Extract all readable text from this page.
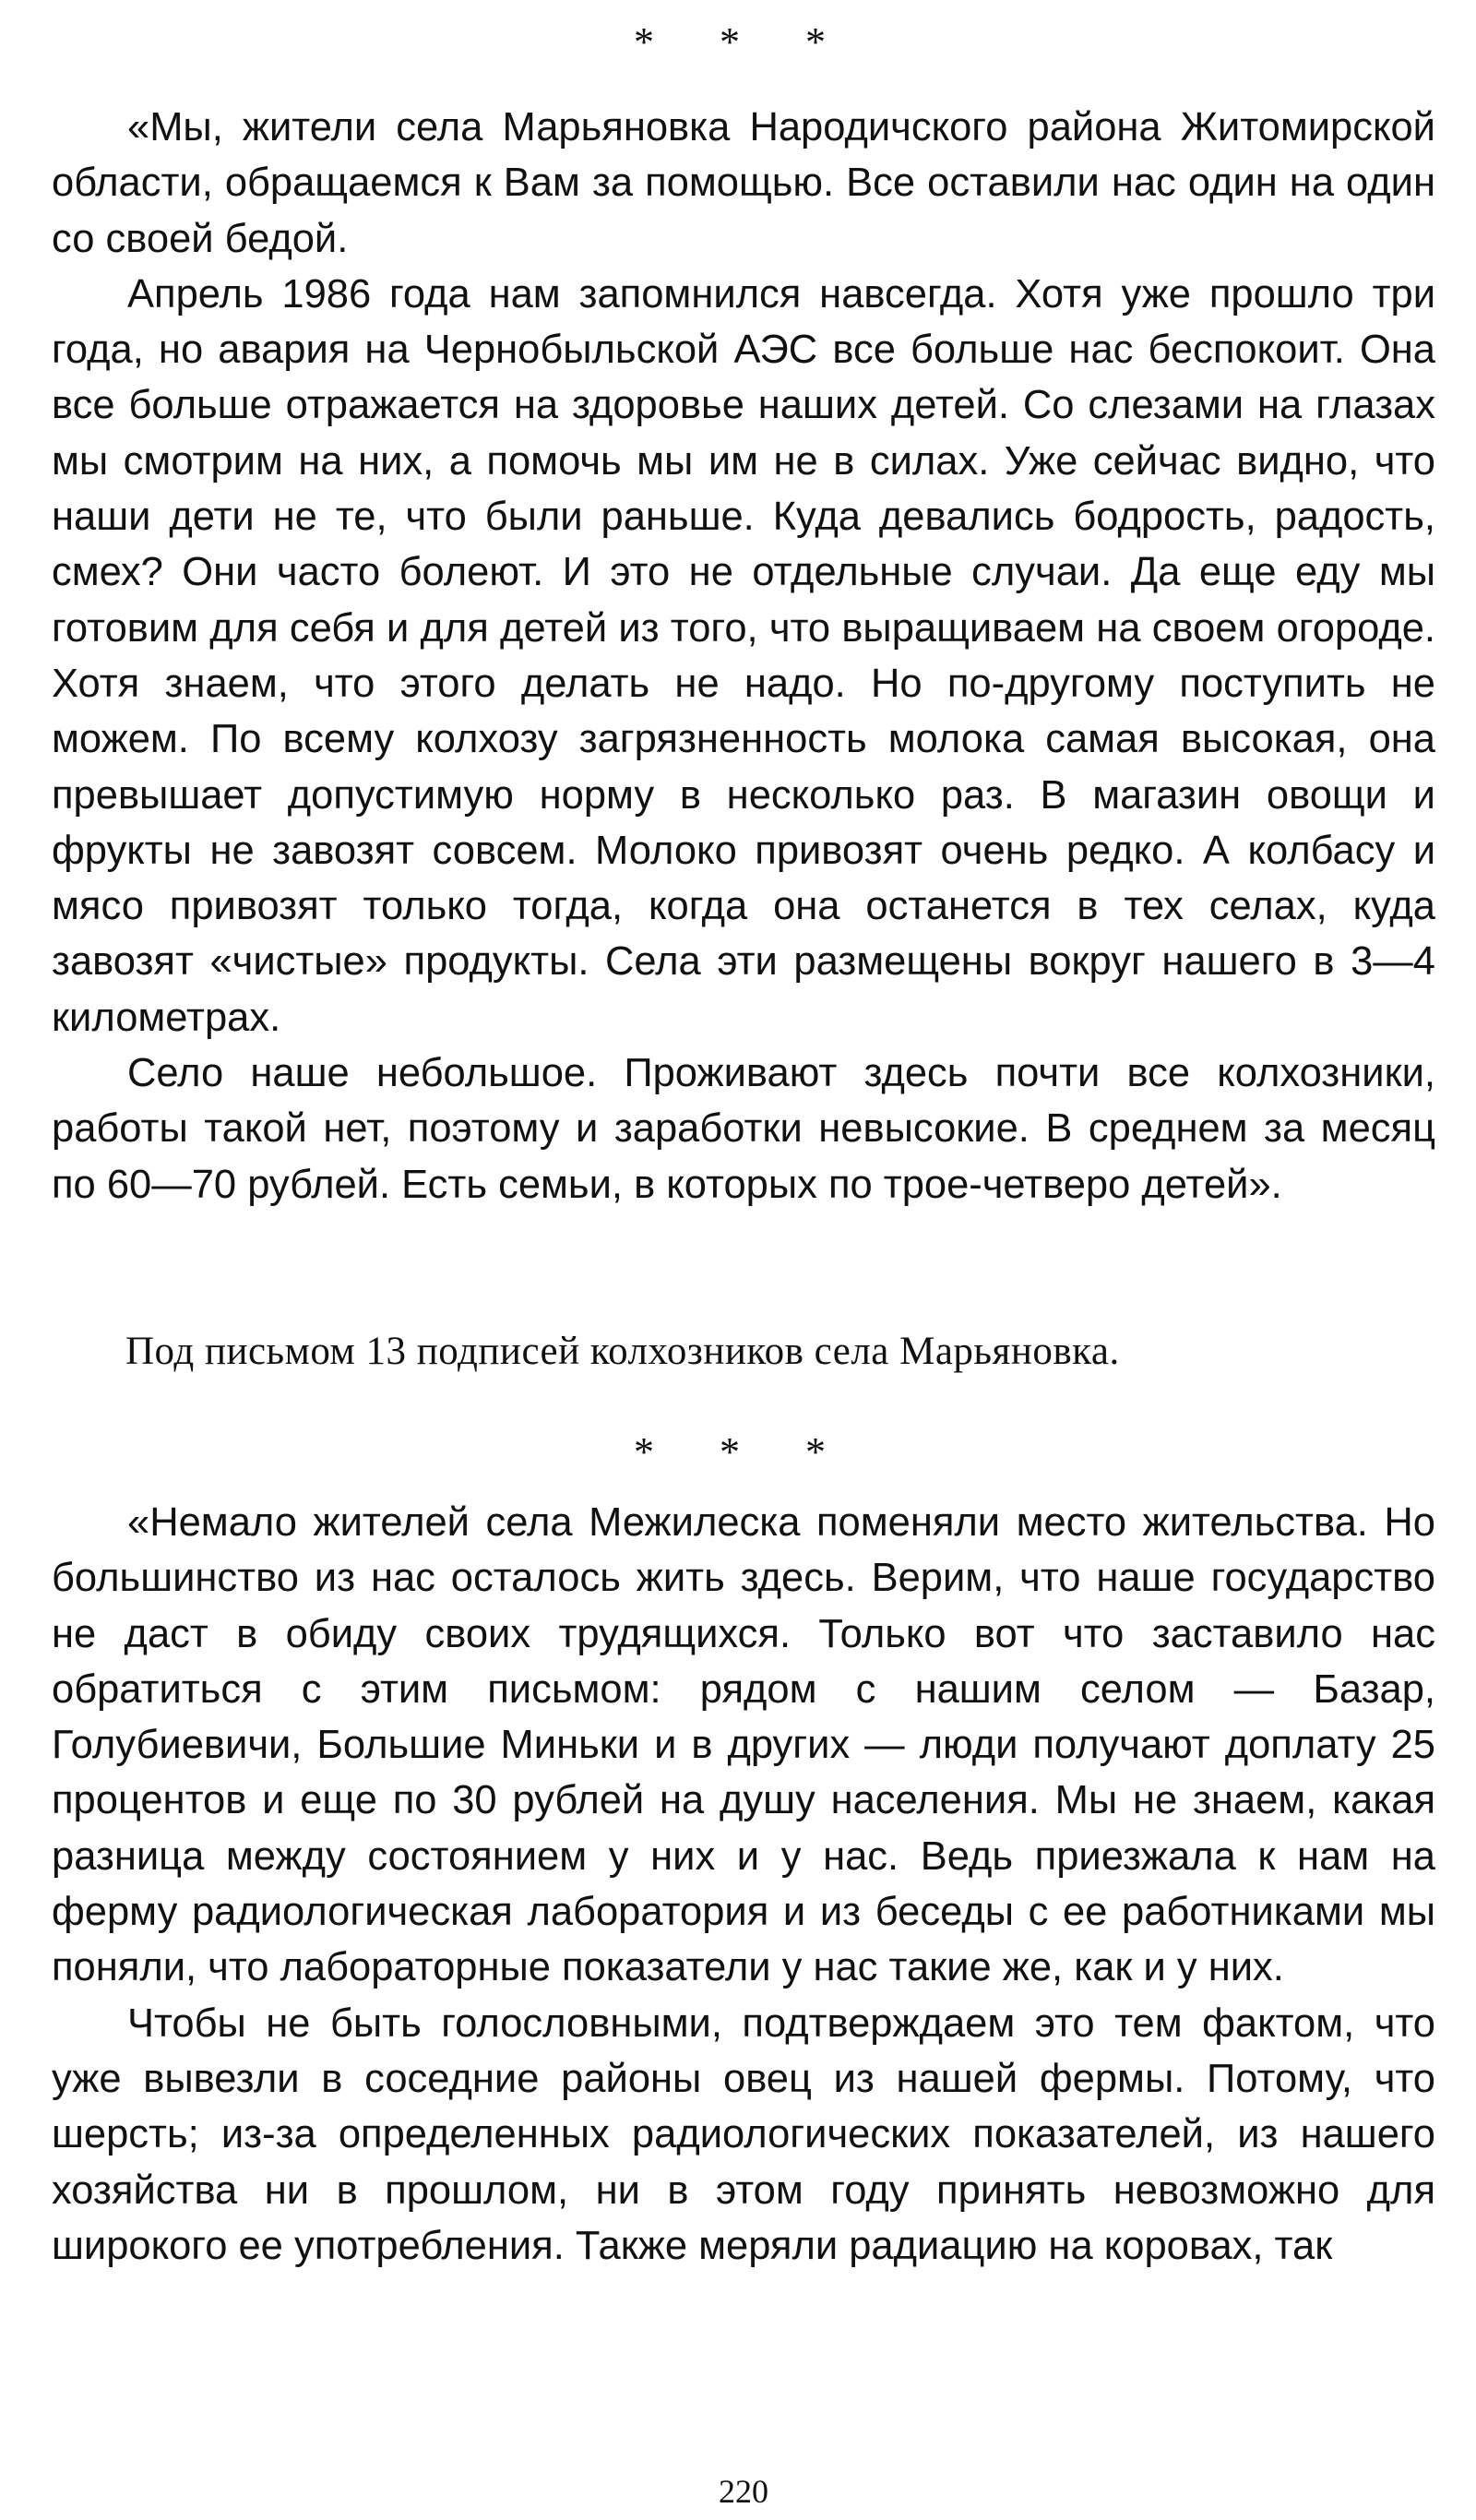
* * *

«Мы, жители села Марьяновка Народичского района Житомирской области, обращаемся к Вам за помощью. Все оставили нас один на один со своей бедой.

Апрель 1986 года нам запомнился навсегда. Хотя уже прошло три года, но авария на Чернобыльской АЭС все больше нас беспокоит. Она все больше отражается на здоровье наших детей. Со слезами на глазах мы смотрим на них, а помочь мы им не в силах. Уже сейчас видно, что наши дети не те, что были раньше. Куда девались бодрость, радость, смех? Они часто болеют. И это не отдельные случаи. Да еще еду мы готовим для себя и для детей из того, что выращиваем на своем огороде. Хотя знаем, что этого делать не надо. Но по-другому поступить не можем. По всему колхозу загрязненность молока самая высокая, она превышает допустимую норму в несколько раз. В магазин овощи и фрукты не завозят совсем. Молоко привозят очень редко. А колбасу и мясо привозят только тогда, когда она останется в тех селах, куда завозят «чистые» продукты. Села эти размещены вокруг нашего в 3—4 километрах.

Село наше небольшое. Проживают здесь почти все колхозники, работы такой нет, поэтому и заработки невысокие. В среднем за месяц по 60—70 рублей. Есть семьи, в которых по трое-четверо детей».

Под письмом 13 подписей колхозников села Марьяновка.
* * *

«Немало жителей села Межилеска поменяли место жительства. Но большинство из нас осталось жить здесь. Верим, что наше государство не даст в обиду своих трудящихся. Только вот что заставило нас обратиться с этим письмом: рядом с нашим селом — Базар, Голубиевичи, Большие Миньки и в других — люди получают доплату 25 процентов и еще по 30 рублей на душу населения. Мы не знаем, какая разница между состоянием у них и у нас. Ведь приезжала к нам на ферму радиологическая лаборатория и из беседы с ее работниками мы поняли, что лабораторные показатели у нас такие же, как и у них.

Чтобы не быть голословными, подтверждаем это тем фактом, что уже вывезли в соседние районы овец из нашей фермы. Потому, что шерсть; из-за определенных радиологических показателей, из нашего хозяйства ни в прошлом, ни в этом году принять невозможно для широкого ее употребления. Также меряли радиацию на коровах, так

220
